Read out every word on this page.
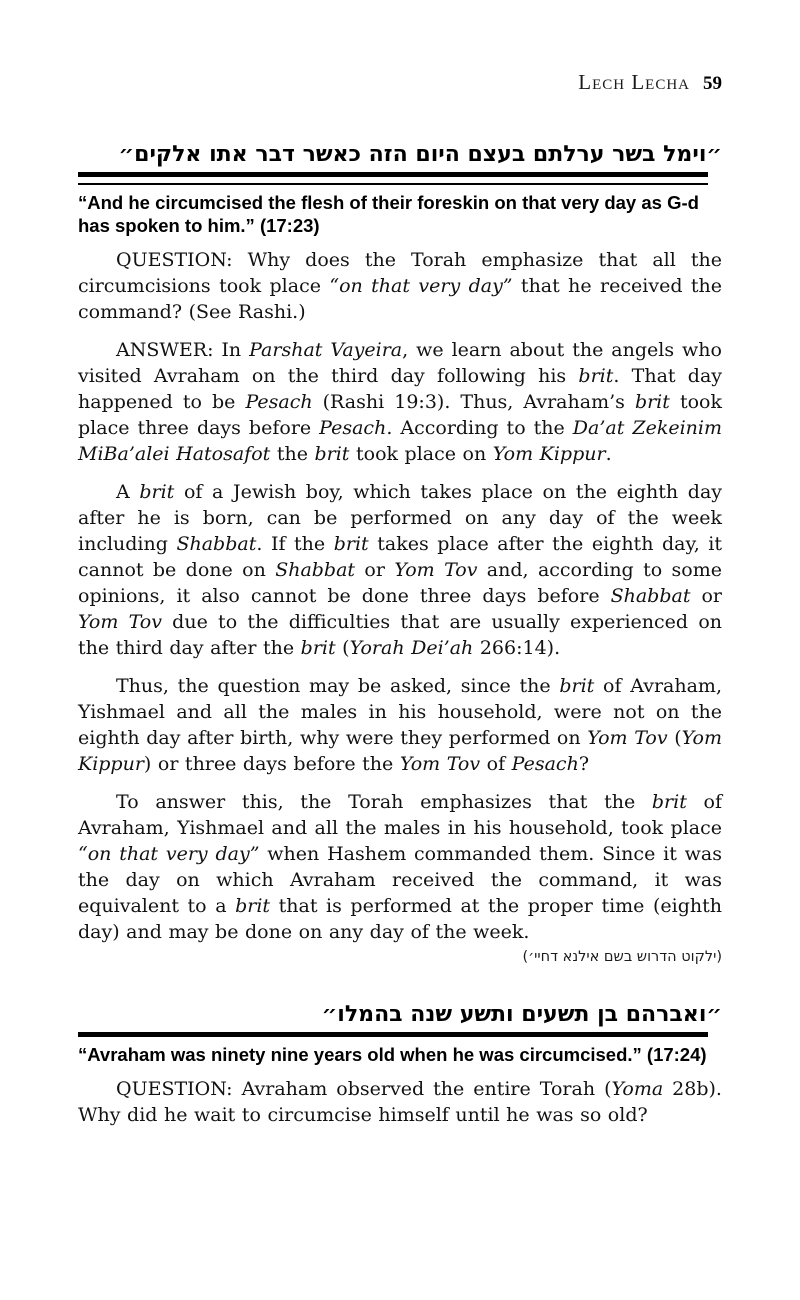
Lech Lecha 59
״וימל בשר ערלתם בעצם היום הזה כאשר דבר אתו אלקים״

“And he circumcised the flesh of their foreskin on that very day as G-d has spoken to him.” (17:23)

QUESTION: Why does the Torah emphasize that all the circumcisions took place “on that very day” that he received the command? (See Rashi.)

ANSWER: In Parshat Vayeira, we learn about the angels who visited Avraham on the third day following his brit. That day happened to be Pesach (Rashi 19:3). Thus, Avraham’s brit took place three days before Pesach. According to the Da’at Zekeinim MiBa’alei Hatosafot the brit took place on Yom Kippur.

A brit of a Jewish boy, which takes place on the eighth day after he is born, can be performed on any day of the week including Shabbat. If the brit takes place after the eighth day, it cannot be done on Shabbat or Yom Tov and, according to some opinions, it also cannot be done three days before Shabbat or Yom Tov due to the difficulties that are usually experienced on the third day after the brit (Yorah Dei’ah 266:14).

Thus, the question may be asked, since the brit of Avraham, Yishmael and all the males in his household, were not on the eighth day after birth, why were they performed on Yom Tov (Yom Kippur) or three days before the Yom Tov of Pesach?

To answer this, the Torah emphasizes that the brit of Avraham, Yishmael and all the males in his household, took place “on that very day” when Hashem commanded them. Since it was the day on which Avraham received the command, it was equivalent to a brit that is performed at the proper time (eighth day) and may be done on any day of the week.

(ילקוט הדרוש בשם אילנא דחיי׳)

״ואברהם בן תשעים ותשע שנה בהמלו״

“Avraham was ninety nine years old when he was circumcised.” (17:24)

QUESTION: Avraham observed the entire Torah (Yoma 28b). Why did he wait to circumcise himself until he was so old?
